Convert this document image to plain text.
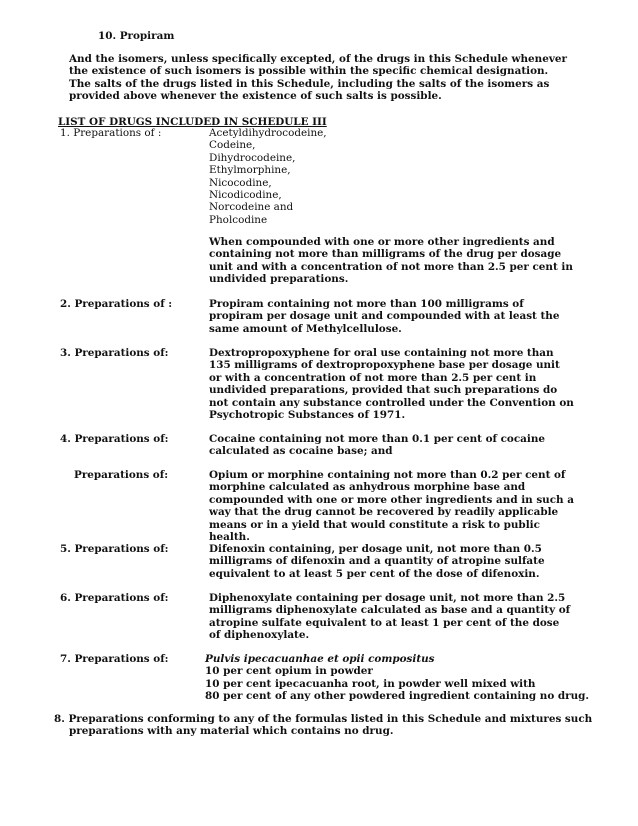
10. Propiram

And the isomers, unless specifically excepted, of the drugs in this Schedule whenever the existence of such isomers is possible within the specific chemical designation.

The salts of the drugs listed in this Schedule, including the salts of the isomers as provided above whenever the existence of such salts is possible.

LIST OF DRUGS INCLUDED IN SCHEDULE III
1. Preparations of :	Acetyldihydrocodeine,
Codeine,
Dihydrocodeine,
Ethylmorphine,
Nicocodine,
Nicodicodine,
Norcodeine and
Pholcodine

When compounded with one or more other ingredients and containing not more than milligrams of the drug per dosage unit and with a concentration of not more than 2.5 per cent in undivided preparations.

2. Preparations of :	Propiram containing not more than 100 milligrams of propiram per dosage unit and compounded with at least the same amount of Methylcellulose.

3. Preparations of:	Dextropropoxyphene for oral use containing not more than 135 milligrams of dextropropoxyphene base per dosage unit or with a concentration of not more than 2.5 per cent in undivided preparations, provided that such preparations do not contain any substance controlled under the Convention on Psychotropic Substances of 1971.

4. Preparations of:	Cocaine containing not more than 0.1 per cent of cocaine calculated as cocaine base; and

Preparations of:	Opium or morphine containing not more than 0.2 per cent of morphine calculated as anhydrous morphine base and compounded with one or more other ingredients and in such a way that the drug cannot be recovered by readily applicable means or in a yield that would constitute a risk to public health.

5. Preparations of:	Difenoxin containing, per dosage unit, not more than 0.5 milligrams of difenoxin and a quantity of atropine sulfate equivalent to at least 5 per cent of the dose of difenoxin.

6. Preparations of:	Diphenoxylate containing per dosage unit, not more than 2.5 milligrams diphenoxylate calculated as base and a quantity of atropine sulfate equivalent to at least 1 per cent of the dose of diphenoxylate.

7. Preparations of:	Pulvis ipecacuanhae et opii compositus
10 per cent opium in powder
10 per cent ipecacuanha root, in powder well mixed with
80 per cent of any other powdered ingredient containing no drug.
8. Preparations conforming to any of the formulas listed in this Schedule and mixtures such
preparations with any material which contains no drug.
